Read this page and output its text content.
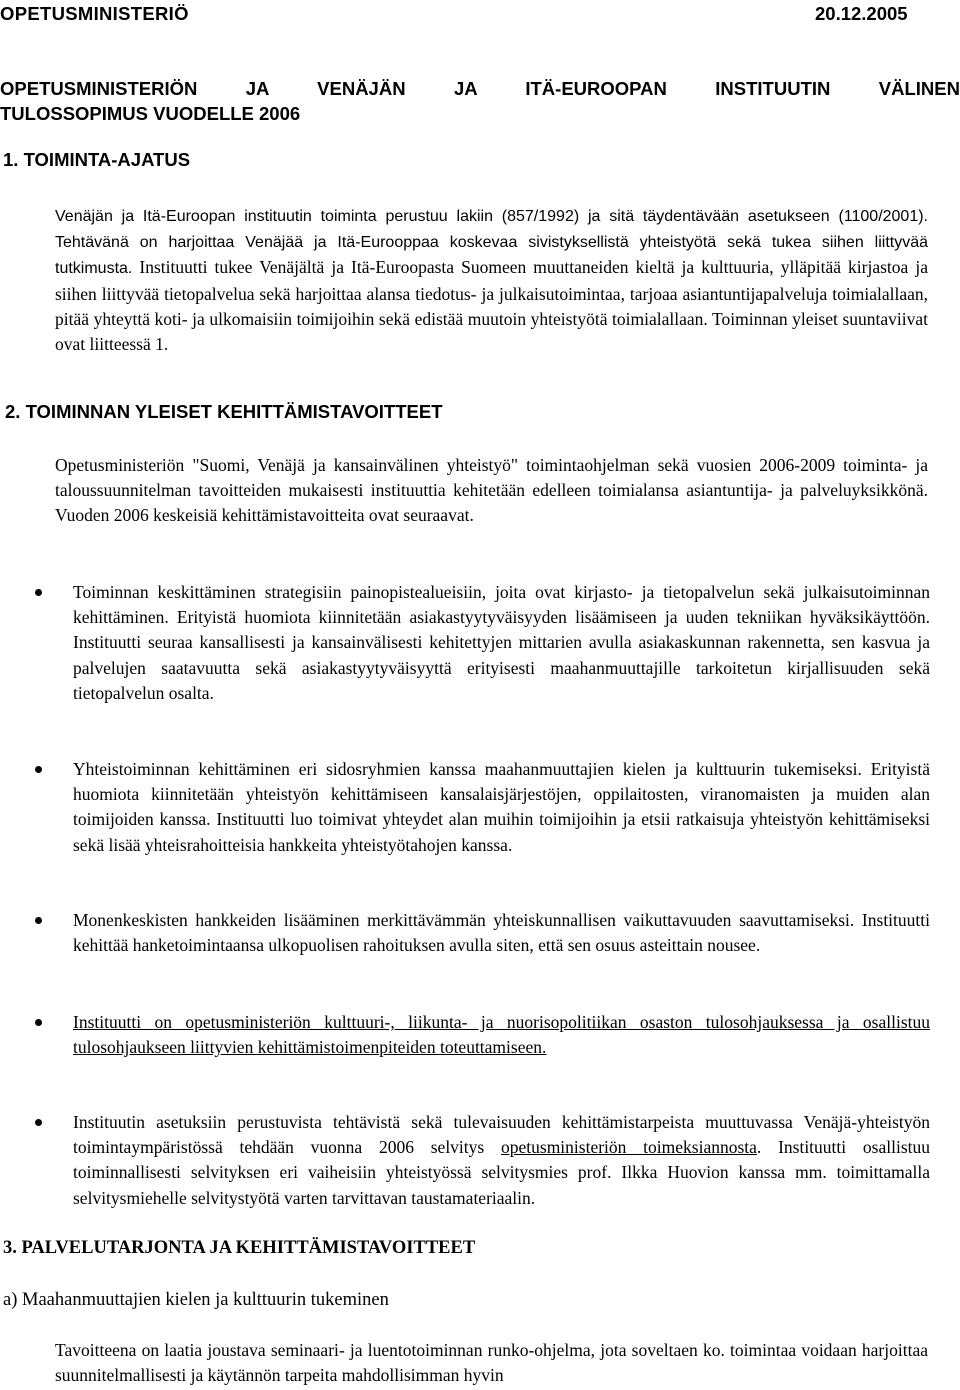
OPETUSMINISTERIÖ	20.12.2005
OPETUSMINISTERIÖN JA VENÄJÄN JA ITÄ-EUROOPAN INSTITUUTIN VÄLINEN
TULOSSOPIMUS VUODELLE 2006
1. TOIMINTA-AJATUS

Venäjän ja Itä-Euroopan instituutin toiminta perustuu lakiin (857/1992) ja sitä täydentävään asetukseen (1100/2001). Tehtävänä on harjoittaa Venäjää ja Itä-Eurooppaa koskevaa sivistyksellistä yhteistyötä sekä tukea siihen liittyvää tutkimusta. Instituutti tukee Venäjältä ja Itä-Euroopasta Suomeen muuttaneiden kieltä ja kulttuuria, ylläpitää kirjastoa ja siihen liittyvää tietopalvelua sekä harjoittaa alansa tiedotus- ja julkaisutoimintaa, tarjoaa asiantuntijapalveluja toimialallaan, pitää yhteyttä koti- ja ulkomaisiin toimijoihin sekä edistää muutoin yhteistyötä toimialallaan. Toiminnan yleiset suuntaviivat ovat liitteessä 1.

2. TOIMINNAN YLEISET KEHITTÄMISTAVOITTEET

Opetusministeriön "Suomi, Venäjä ja kansainvälinen yhteistyö" toimintaohjelman sekä vuosien 2006-2009 toiminta- ja taloussuunnitelman tavoitteiden mukaisesti instituuttia kehitetään edelleen toimialansa asiantuntija- ja palveluyksikkönä. Vuoden 2006 keskeisiä kehittämistavoitteita ovat seuraavat.

Toiminnan keskittäminen strategisiin painopistealueisiin, joita ovat kirjasto- ja tietopalvelun sekä julkaisutoiminnan kehittäminen. Erityistä huomiota kiinnitetään asiakastyytyväisyyden lisäämiseen ja uuden tekniikan hyväksikäyttöön. Instituutti seuraa kansallisesti ja kansainvälisesti kehitettyjen mittarien avulla asiakaskunnan rakennetta, sen kasvua ja palvelujen saatavuutta sekä asiakastyytyväisyyttä erityisesti maahanmuuttajille tarkoitetun kirjallisuuden sekä tietopalvelun osalta.
Yhteistoiminnan kehittäminen eri sidosryhmien kanssa maahanmuuttajien kielen ja kulttuurin tukemiseksi. Erityistä huomiota kiinnitetään yhteistyön kehittämiseen kansalaisjärjestöjen, oppilaitosten, viranomaisten ja muiden alan toimijoiden kanssa. Instituutti luo toimivat yhteydet alan muihin toimijoihin ja etsii ratkaisuja yhteistyön kehittämiseksi sekä lisää yhteisrahoitteisia hankkeita yhteistyötahojen kanssa.
Monenkeskisten hankkeiden lisääminen merkittävämmän yhteiskunnallisen vaikuttavuuden saavuttamiseksi. Instituutti kehittää hanketoimintaansa ulkopuolisen rahoituksen avulla siten, että sen osuus asteittain nousee.
Instituutti on opetusministeriön kulttuuri-, liikunta- ja nuorisopolitiikan osaston tulosohjauksessa ja osallistuu tulosohjaukseen liittyvien kehittämistoimenpiteiden toteuttamiseen.
Instituutin asetuksiin perustuvista tehtävistä sekä tulevaisuuden kehittämistarpeista muuttuvassa Venäjä-yhteistyön toimintaympäristössä tehdään vuonna 2006 selvitys opetusministeriön toimeksiannosta. Instituutti osallistuu toiminnallisesti selvityksen eri vaiheisiin yhteistyössä selvitysmies prof. Ilkka Huovion kanssa mm. toimittamalla selvitysmiehelle selvitystyötä varten tarvittavan taustamateriaalin.
3. PALVELUTARJONTA JA KEHITTÄMISTAVOITTEET
a) Maahanmuuttajien kielen ja kulttuurin tukeminen

Tavoitteena on laatia joustava seminaari- ja luentotoiminnan runko-ohjelma, jota soveltaen ko. toimintaa voidaan harjoittaa suunnitelmallisesti ja käytännön tarpeita mahdollisimman hyvin
